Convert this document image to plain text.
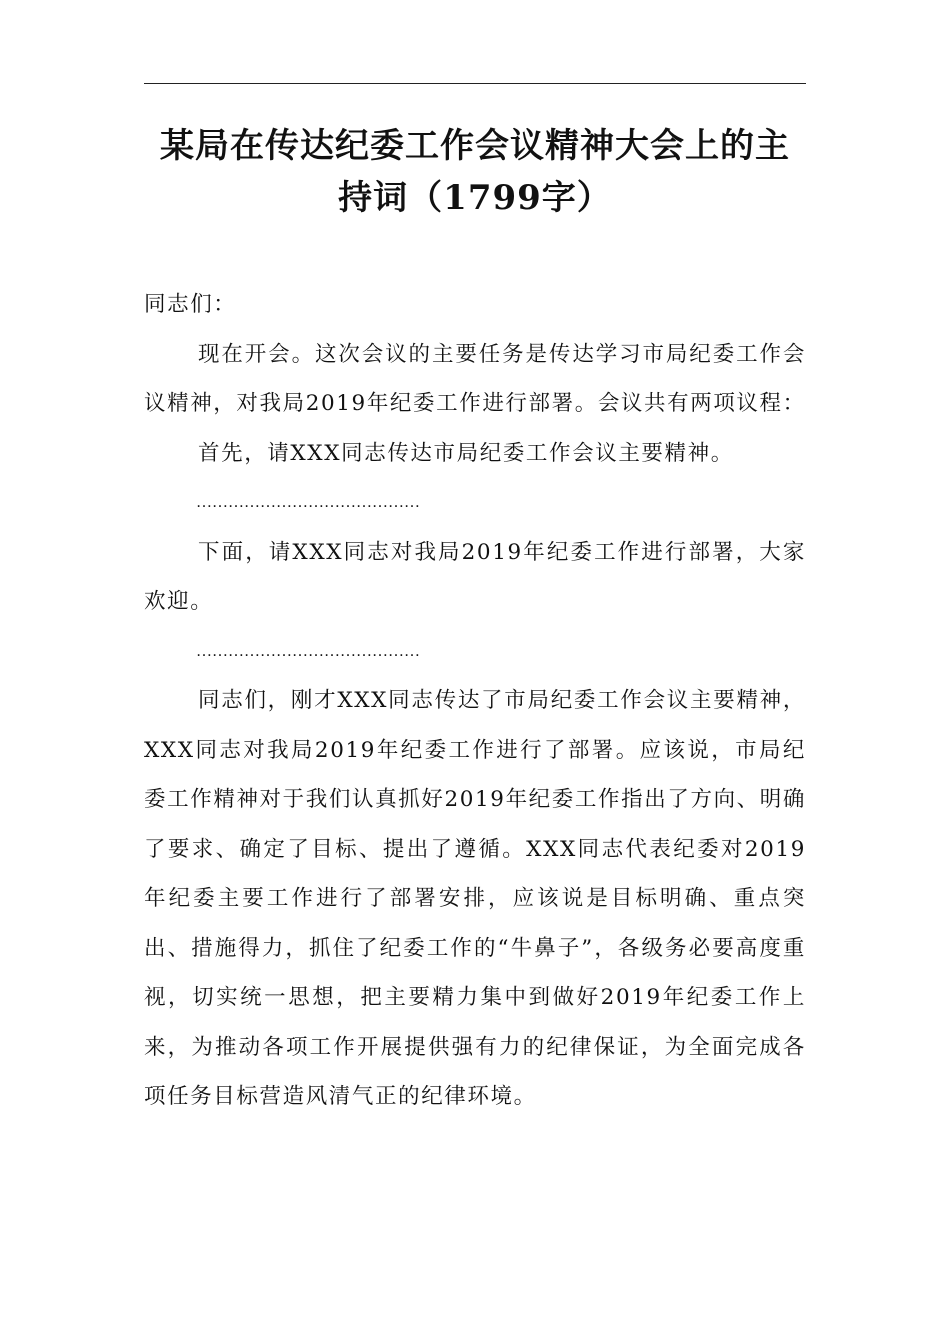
某局在传达纪委工作会议精神大会上的主持词（1799字）

同志们：

现在开会。这次会议的主要任务是传达学习市局纪委工作会议精神，对我局2019年纪委工作进行部署。会议共有两项议程：

首先，请XXX同志传达市局纪委工作会议主要精神。

……………………………………

下面，请XXX同志对我局2019年纪委工作进行部署，大家欢迎。

……………………………………

同志们，刚才XXX同志传达了市局纪委工作会议主要精神，XXX同志对我局2019年纪委工作进行了部署。应该说，市局纪委工作精神对于我们认真抓好2019年纪委工作指出了方向、明确了要求、确定了目标、提出了遵循。XXX同志代表纪委对2019年纪委主要工作进行了部署安排，应该说是目标明确、重点突出、措施得力，抓住了纪委工作的“牛鼻子”，各级务必要高度重视，切实统一思想，把主要精力集中到做好2019年纪委工作上来，为推动各项工作开展提供强有力的纪律保证，为全面完成各项任务目标营造风清气正的纪律环境。
